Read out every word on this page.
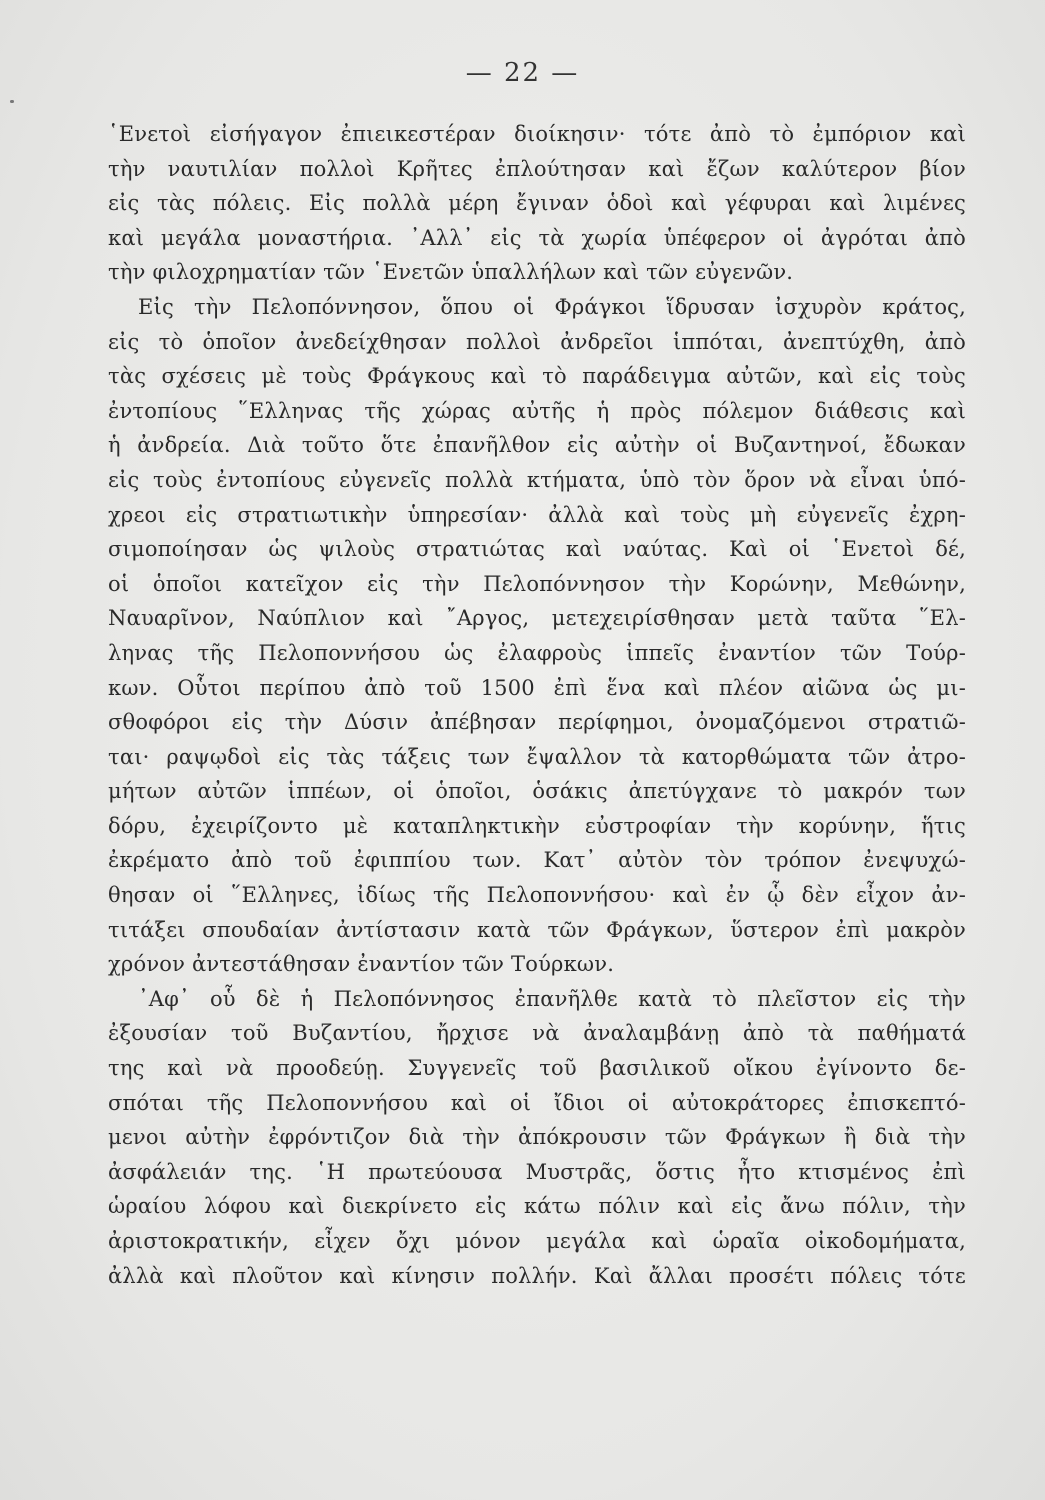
— 22 —
῾Ενετοὶ εἰσήγαγον ἐπιεικεστέραν διοίκησιν· τότε ἀπὸ τὸ ἐμπόριον καὶ
τὴν ναυτιλίαν πολλοὶ Κρῆτες ἐπλούτησαν καὶ ἔζων καλύτερον βίον
εἰς τὰς πόλεις. Εἰς πολλὰ μέρη ἔγιναν ὁδοὶ καὶ γέφυραι καὶ λιμένες
καὶ μεγάλα μοναστήρια. ᾽Αλλ᾽ εἰς τὰ χωρία ὑπέφερον οἱ ἀγρόται ἀπὸ
τὴν φιλοχρηματίαν τῶν ῾Ενετῶν ὑπαλλήλων καὶ τῶν εὐγενῶν.
Εἰς τὴν Πελοπόννησον, ὅπου οἱ Φράγκοι ἵδρυσαν ἰσχυρὸν κράτος,
εἰς τὸ ὁποῖον ἀνεδείχθησαν πολλοὶ ἀνδρεῖοι ἱππόται, ἀνεπτύχθη, ἀπὸ
τὰς σχέσεις μὲ τοὺς Φράγκους καὶ τὸ παράδειγμα αὐτῶν, καὶ εἰς τοὺς
ἐντοπίους ῞Ελληνας τῆς χώρας αὐτῆς ἡ πρὸς πόλεμον διάθεσις καὶ
ἡ ἀνδρεία. Διὰ τοῦτο ὅτε ἐπανῆλθον εἰς αὐτὴν οἱ Βυζαντηνοί, ἔδωκαν
εἰς τοὺς ἐντοπίους εὐγενεῖς πολλὰ κτήματα, ὑπὸ τὸν ὅρον νὰ εἶναι ὑπό-
χρεοι εἰς στρατιωτικὴν ὑπηρεσίαν· ἀλλὰ καὶ τοὺς μὴ εὐγενεῖς ἐχρη-
σιμοποίησαν ὡς ψιλοὺς στρατιώτας καὶ ναύτας. Καὶ οἱ ῾Ενετοὶ δέ,
οἱ ὁποῖοι κατεῖχον εἰς τὴν Πελοπόννησον τὴν Κορώνην, Μεθώνην,
Ναυαρῖνον, Ναύπλιον καὶ ῎Αργος, μετεχειρίσθησαν μετὰ ταῦτα ῞Ελ-
ληνας τῆς Πελοποννήσου ὡς ἐλαφροὺς ἱππεῖς ἐναντίον τῶν Τούρ-
κων. Οὗτοι περίπου ἀπὸ τοῦ 1500 ἐπὶ ἕνα καὶ πλέον αἰῶνα ὡς μι-
σθοφόροι εἰς τὴν Δύσιν ἀπέβησαν περίφημοι, ὀνομαζόμενοι στρατιῶ-
ται· ραψῳδοὶ εἰς τὰς τάξεις των ἔψαλλον τὰ κατορθώματα τῶν ἀτρο-
μήτων αὐτῶν ἱππέων, οἱ ὁποῖοι, ὁσάκις ἀπετύγχανε τὸ μακρόν των
δόρυ, ἐχειρίζοντο μὲ καταπληκτικὴν εὐστροφίαν τὴν κορύνην, ἥτις
ἐκρέματο ἀπὸ τοῦ ἐφιππίου των. Κατ᾽ αὐτὸν τὸν τρόπον ἐνεψυχώ-
θησαν οἱ ῞Ελληνες, ἰδίως τῆς Πελοποννήσου· καὶ ἐν ᾧ δὲν εἶχον ἀν-
τιτάξει σπουδαίαν ἀντίστασιν κατὰ τῶν Φράγκων, ὕστερον ἐπὶ μακρὸν
χρόνον ἀντεστάθησαν ἐναντίον τῶν Τούρκων.
᾽Αφ᾽ οὗ δὲ ἡ Πελοπόννησος ἐπανῆλθε κατὰ τὸ πλεῖστον εἰς τὴν
ἐξουσίαν τοῦ Βυζαντίου, ἤρχισε νὰ ἀναλαμβάνῃ ἀπὸ τὰ παθήματά
της καὶ νὰ προοδεύῃ. Συγγενεῖς τοῦ βασιλικοῦ οἴκου ἐγίνοντο δε-
σπόται τῆς Πελοποννήσου καὶ οἱ ἴδιοι οἱ αὐτοκράτορες ἐπισκεπτό-
μενοι αὐτὴν ἐφρόντιζον διὰ τὴν ἀπόκρουσιν τῶν Φράγκων ἢ διὰ τὴν
ἀσφάλειάν της. ῾Η πρωτεύουσα Μυστρᾶς, ὅστις ἦτο κτισμένος ἐπὶ
ὡραίου λόφου καὶ διεκρίνετο εἰς κάτω πόλιν καὶ εἰς ἄνω πόλιν, τὴν
ἀριστοκρατικήν, εἶχεν ὄχι μόνον μεγάλα καὶ ὡραῖα οἰκοδομήματα,
ἀλλὰ καὶ πλοῦτον καὶ κίνησιν πολλήν. Καὶ ἄλλαι προσέτι πόλεις τότε
